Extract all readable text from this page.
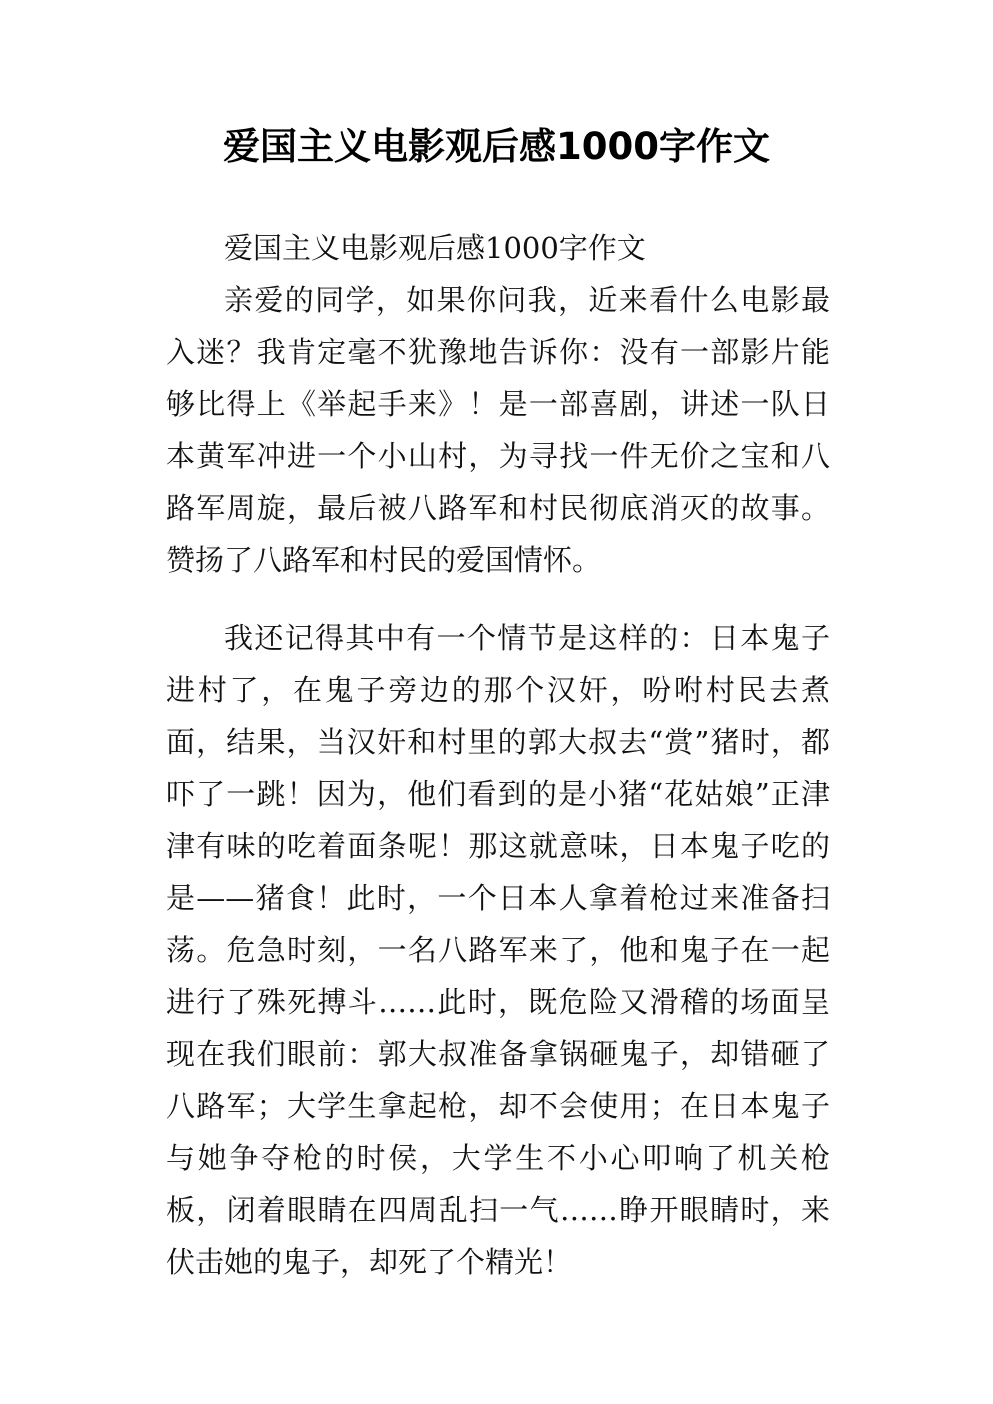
爱国主义电影观后感1000字作文

爱国主义电影观后感1000字作文

亲爱的同学，如果你问我，近来看什么电影最入迷？我肯定毫不犹豫地告诉你：没有一部影片能够比得上《举起手来》！是一部喜剧，讲述一队日本黄军冲进一个小山村，为寻找一件无价之宝和八路军周旋，最后被八路军和村民彻底消灭的故事。赞扬了八路军和村民的爱国情怀。

我还记得其中有一个情节是这样的：日本鬼子进村了，在鬼子旁边的那个汉奸，吩咐村民去煮面，结果，当汉奸和村里的郭大叔去“赏”猪时，都吓了一跳！因为，他们看到的是小猪“花姑娘”正津津有味的吃着面条呢！那这就意味，日本鬼子吃的是——猪食！此时，一个日本人拿着枪过来准备扫荡。危急时刻，一名八路军来了，他和鬼子在一起进行了殊死搏斗……此时，既危险又滑稽的场面呈现在我们眼前：郭大叔准备拿锅砸鬼子，却错砸了八路军；大学生拿起枪，却不会使用；在日本鬼子与她争夺枪的时侯，大学生不小心叩响了机关枪板，闭着眼睛在四周乱扫一气……睁开眼睛时，来伏击她的鬼子，却死了个精光！
